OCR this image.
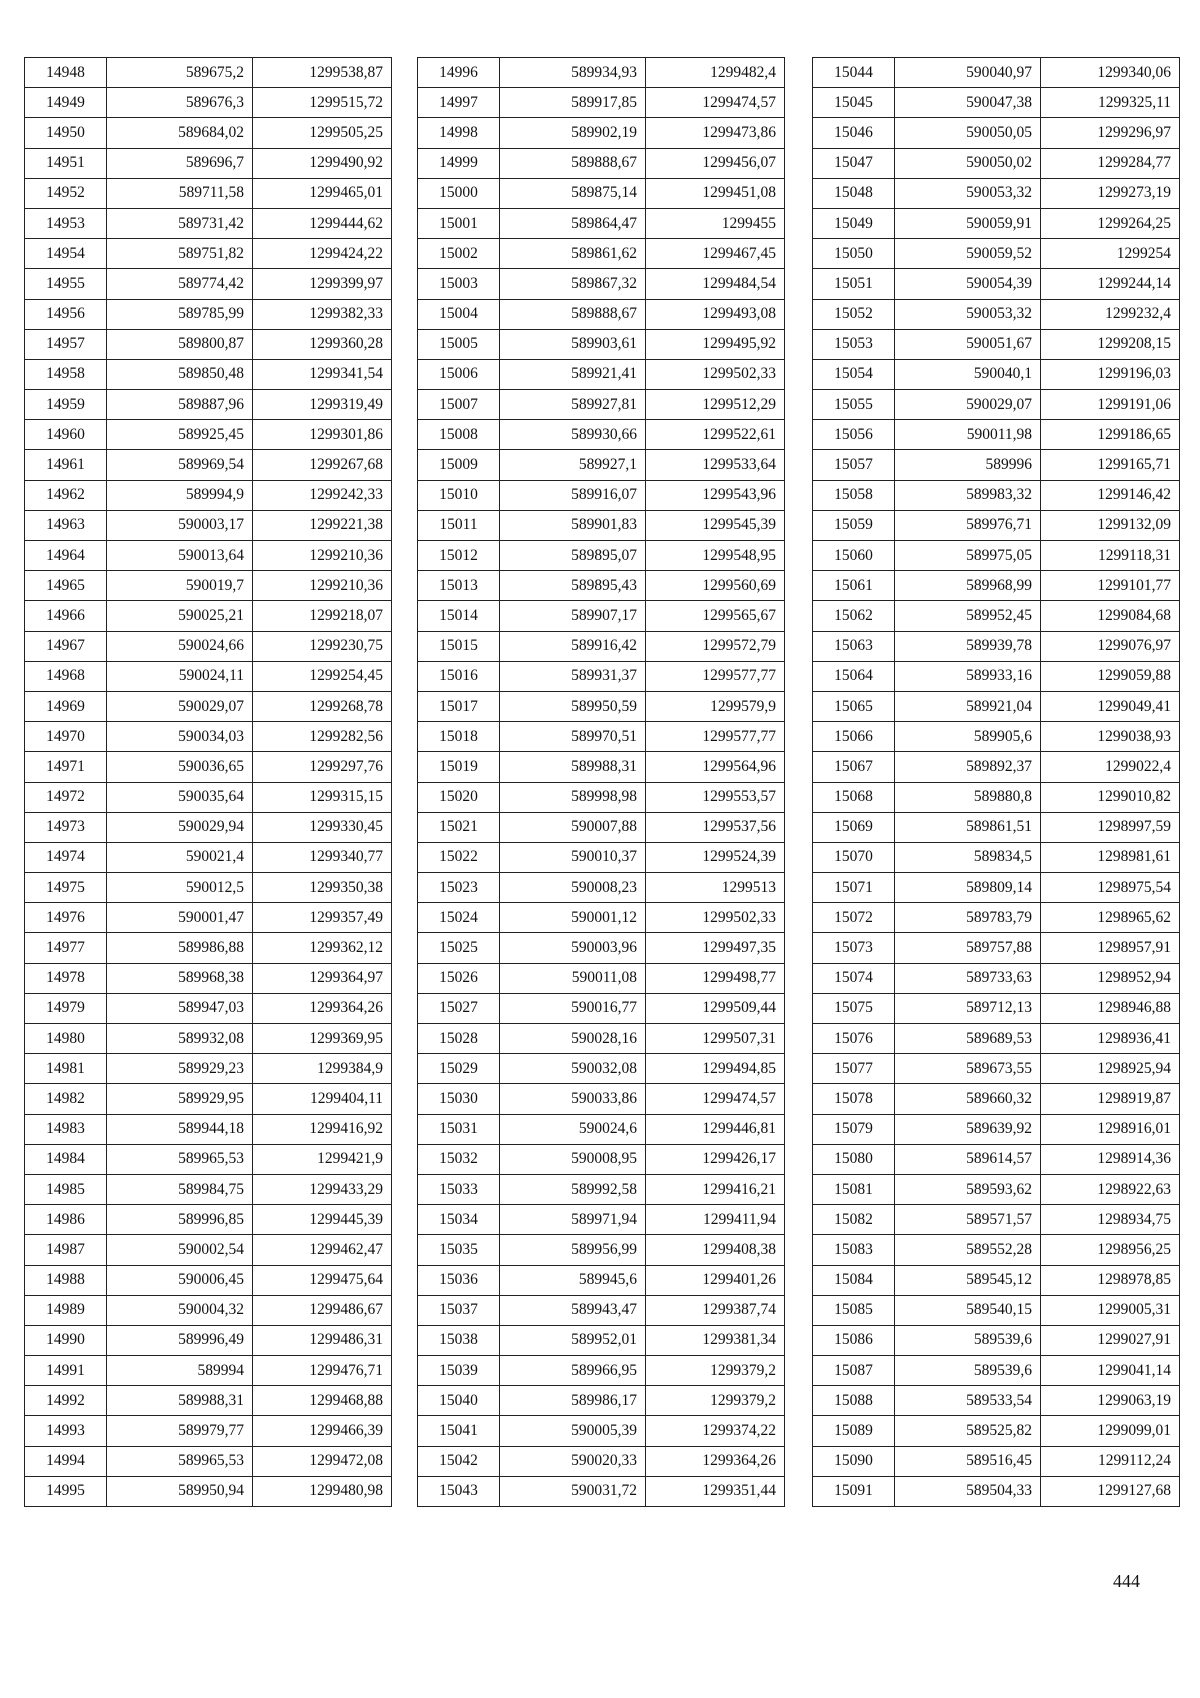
14948	589675,2	1299538,87
14949	589676,3	1299515,72
14950	589684,02	1299505,25
14951	589696,7	1299490,92
14952	589711,58	1299465,01
14953	589731,42	1299444,62
14954	589751,82	1299424,22
14955	589774,42	1299399,97
14956	589785,99	1299382,33
14957	589800,87	1299360,28
14958	589850,48	1299341,54
14959	589887,96	1299319,49
14960	589925,45	1299301,86
14961	589969,54	1299267,68
14962	589994,9	1299242,33
14963	590003,17	1299221,38
14964	590013,64	1299210,36
14965	590019,7	1299210,36
14966	590025,21	1299218,07
14967	590024,66	1299230,75
14968	590024,11	1299254,45
14969	590029,07	1299268,78
14970	590034,03	1299282,56
14971	590036,65	1299297,76
14972	590035,64	1299315,15
14973	590029,94	1299330,45
14974	590021,4	1299340,77
14975	590012,5	1299350,38
14976	590001,47	1299357,49
14977	589986,88	1299362,12
14978	589968,38	1299364,97
14979	589947,03	1299364,26
14980	589932,08	1299369,95
14981	589929,23	1299384,9
14982	589929,95	1299404,11
14983	589944,18	1299416,92
14984	589965,53	1299421,9
14985	589984,75	1299433,29
14986	589996,85	1299445,39
14987	590002,54	1299462,47
14988	590006,45	1299475,64
14989	590004,32	1299486,67
14990	589996,49	1299486,31
14991	589994	1299476,71
14992	589988,31	1299468,88
14993	589979,77	1299466,39
14994	589965,53	1299472,08
14995	589950,94	1299480,98
14996	589934,93	1299482,4
14997	589917,85	1299474,57
14998	589902,19	1299473,86
14999	589888,67	1299456,07
15000	589875,14	1299451,08
15001	589864,47	1299455
15002	589861,62	1299467,45
15003	589867,32	1299484,54
15004	589888,67	1299493,08
15005	589903,61	1299495,92
15006	589921,41	1299502,33
15007	589927,81	1299512,29
15008	589930,66	1299522,61
15009	589927,1	1299533,64
15010	589916,07	1299543,96
15011	589901,83	1299545,39
15012	589895,07	1299548,95
15013	589895,43	1299560,69
15014	589907,17	1299565,67
15015	589916,42	1299572,79
15016	589931,37	1299577,77
15017	589950,59	1299579,9
15018	589970,51	1299577,77
15019	589988,31	1299564,96
15020	589998,98	1299553,57
15021	590007,88	1299537,56
15022	590010,37	1299524,39
15023	590008,23	1299513
15024	590001,12	1299502,33
15025	590003,96	1299497,35
15026	590011,08	1299498,77
15027	590016,77	1299509,44
15028	590028,16	1299507,31
15029	590032,08	1299494,85
15030	590033,86	1299474,57
15031	590024,6	1299446,81
15032	590008,95	1299426,17
15033	589992,58	1299416,21
15034	589971,94	1299411,94
15035	589956,99	1299408,38
15036	589945,6	1299401,26
15037	589943,47	1299387,74
15038	589952,01	1299381,34
15039	589966,95	1299379,2
15040	589986,17	1299379,2
15041	590005,39	1299374,22
15042	590020,33	1299364,26
15043	590031,72	1299351,44
15044	590040,97	1299340,06
15045	590047,38	1299325,11
15046	590050,05	1299296,97
15047	590050,02	1299284,77
15048	590053,32	1299273,19
15049	590059,91	1299264,25
15050	590059,52	1299254
15051	590054,39	1299244,14
15052	590053,32	1299232,4
15053	590051,67	1299208,15
15054	590040,1	1299196,03
15055	590029,07	1299191,06
15056	590011,98	1299186,65
15057	589996	1299165,71
15058	589983,32	1299146,42
15059	589976,71	1299132,09
15060	589975,05	1299118,31
15061	589968,99	1299101,77
15062	589952,45	1299084,68
15063	589939,78	1299076,97
15064	589933,16	1299059,88
15065	589921,04	1299049,41
15066	589905,6	1299038,93
15067	589892,37	1299022,4
15068	589880,8	1299010,82
15069	589861,51	1298997,59
15070	589834,5	1298981,61
15071	589809,14	1298975,54
15072	589783,79	1298965,62
15073	589757,88	1298957,91
15074	589733,63	1298952,94
15075	589712,13	1298946,88
15076	589689,53	1298936,41
15077	589673,55	1298925,94
15078	589660,32	1298919,87
15079	589639,92	1298916,01
15080	589614,57	1298914,36
15081	589593,62	1298922,63
15082	589571,57	1298934,75
15083	589552,28	1298956,25
15084	589545,12	1298978,85
15085	589540,15	1299005,31
15086	589539,6	1299027,91
15087	589539,6	1299041,14
15088	589533,54	1299063,19
15089	589525,82	1299099,01
15090	589516,45	1299112,24
15091	589504,33	1299127,68
444
